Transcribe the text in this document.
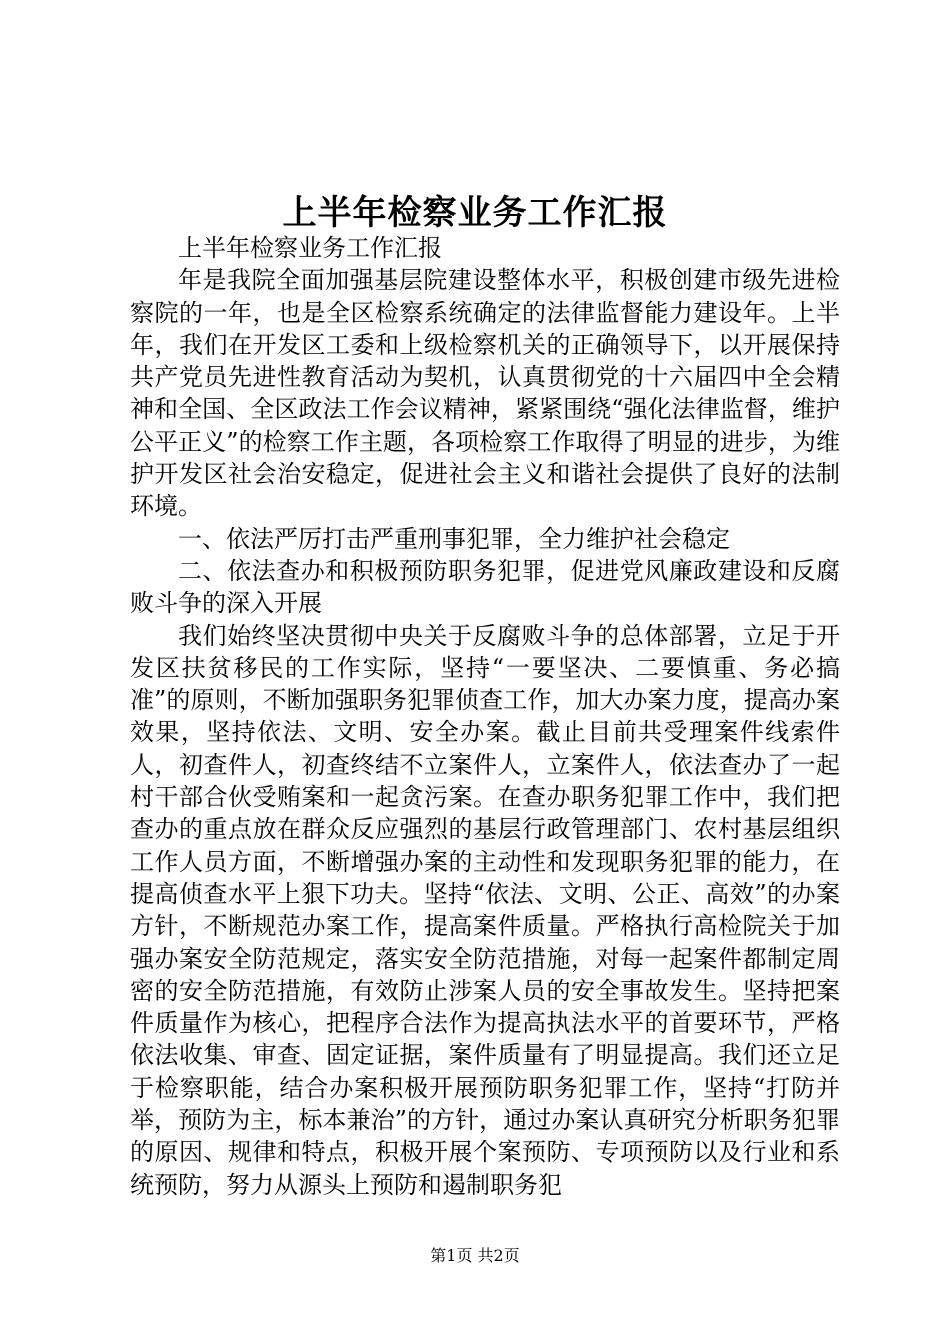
上半年检察业务工作汇报

上半年检察业务工作汇报

年是我院全面加强基层院建设整体水平，积极创建市级先进检察院的一年，也是全区检察系统确定的法律监督能力建设年。上半年，我们在开发区工委和上级检察机关的正确领导下，以开展保持共产党员先进性教育活动为契机，认真贯彻党的十六届四中全会精神和全国、全区政法工作会议精神，紧紧围绕“强化法律监督，维护公平正义”的检察工作主题，各项检察工作取得了明显的进步，为维护开发区社会治安稳定，促进社会主义和谐社会提供了良好的法制环境。

一、依法严厉打击严重刑事犯罪，全力维护社会稳定

二、依法查办和积极预防职务犯罪，促进党风廉政建设和反腐败斗争的深入开展

我们始终坚决贯彻中央关于反腐败斗争的总体部署，立足于开发区扶贫移民的工作实际，坚持“一要坚决、二要慎重、务必搞准”的原则，不断加强职务犯罪侦查工作，加大办案力度，提高办案效果，坚持依法、文明、安全办案。截止目前共受理案件线索件人，初查件人，初查终结不立案件人，立案件人，依法查办了一起村干部合伙受贿案和一起贪污案。在查办职务犯罪工作中，我们把查办的重点放在群众反应强烈的基层行政管理部门、农村基层组织工作人员方面，不断增强办案的主动性和发现职务犯罪的能力，在提高侦查水平上狠下功夫。坚持“依法、文明、公正、高效”的办案方针，不断规范办案工作，提高案件质量。严格执行高检院关于加强办案安全防范规定，落实安全防范措施，对每一起案件都制定周密的安全防范措施，有效防止涉案人员的安全事故发生。坚持把案件质量作为核心，把程序合法作为提高执法水平的首要环节，严格依法收集、审查、固定证据，案件质量有了明显提高。我们还立足于检察职能，结合办案积极开展预防职务犯罪工作，坚持“打防并举，预防为主，标本兼治”的方针，通过办案认真研究分析职务犯罪的原因、规律和特点，积极开展个案预防、专项预防以及行业和系统预防，努力从源头上预防和遏制职务犯

第1页 共2页
